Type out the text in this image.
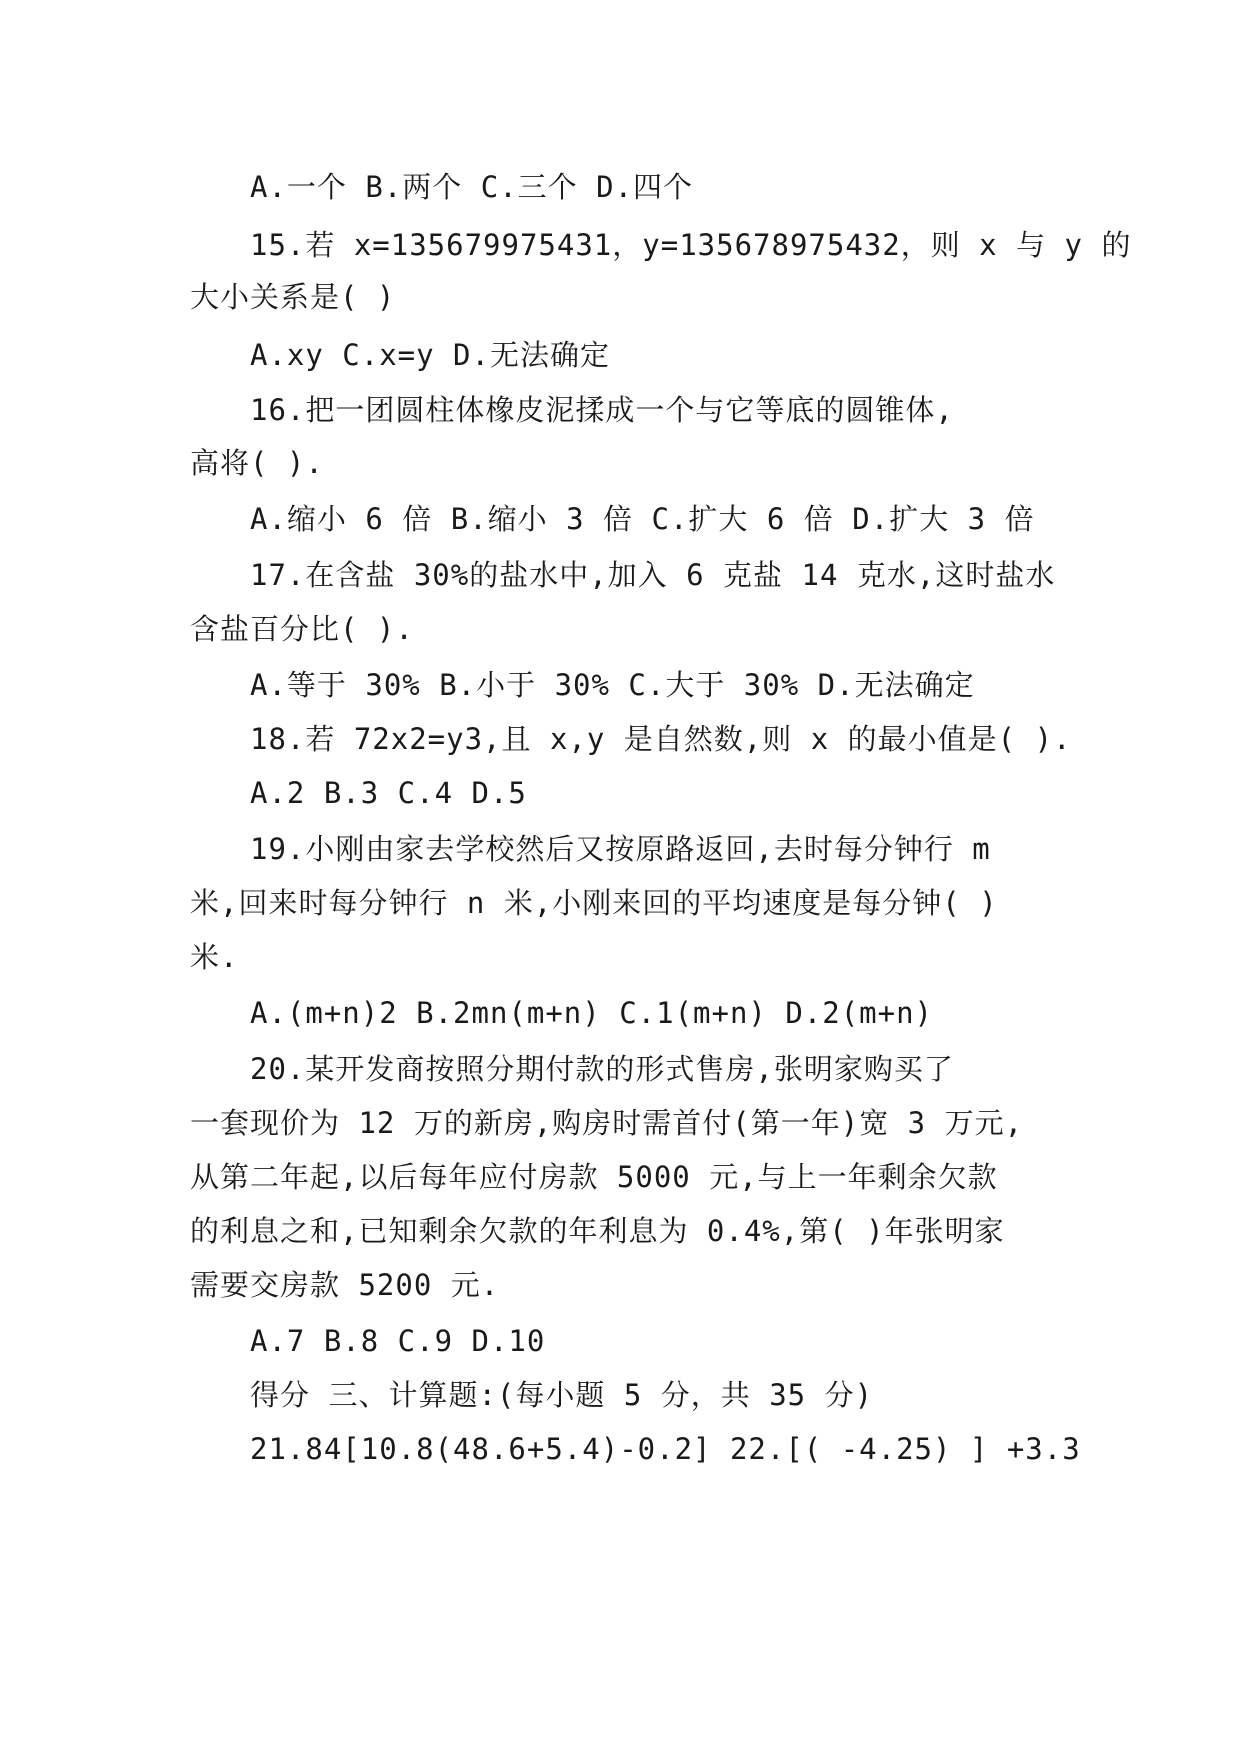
A.一个 B.两个 C.三个 D.四个
15.若 x=135679975431，y=135678975432，则 x 与 y 的
大小关系是( )
A.xy C.x=y D.无法确定
16.把一团圆柱体橡皮泥揉成一个与它等底的圆锥体,
高将( ).
A.缩小 6 倍 B.缩小 3 倍 C.扩大 6 倍 D.扩大 3 倍
17.在含盐 30%的盐水中,加入 6 克盐 14 克水,这时盐水
含盐百分比( ).
A.等于 30% B.小于 30% C.大于 30% D.无法确定
18.若 72x2=y3,且 x,y 是自然数,则 x 的最小值是( ).
A.2 B.3 C.4 D.5
19.小刚由家去学校然后又按原路返回,去时每分钟行 m
米,回来时每分钟行 n 米,小刚来回的平均速度是每分钟( )
米.
A.(m+n)2 B.2mn(m+n) C.1(m+n) D.2(m+n)
20.某开发商按照分期付款的形式售房,张明家购买了
一套现价为 12 万的新房,购房时需首付(第一年)宽 3 万元,
从第二年起,以后每年应付房款 5000 元,与上一年剩余欠款
的利息之和,已知剩余欠款的年利息为 0.4%,第( )年张明家
需要交房款 5200 元.
A.7 B.8 C.9 D.10
得分 三、计算题:(每小题 5 分，共 35 分)
21.84[10.8(48.6+5.4)-0.2] 22.[( -4.25) ] +3.3
